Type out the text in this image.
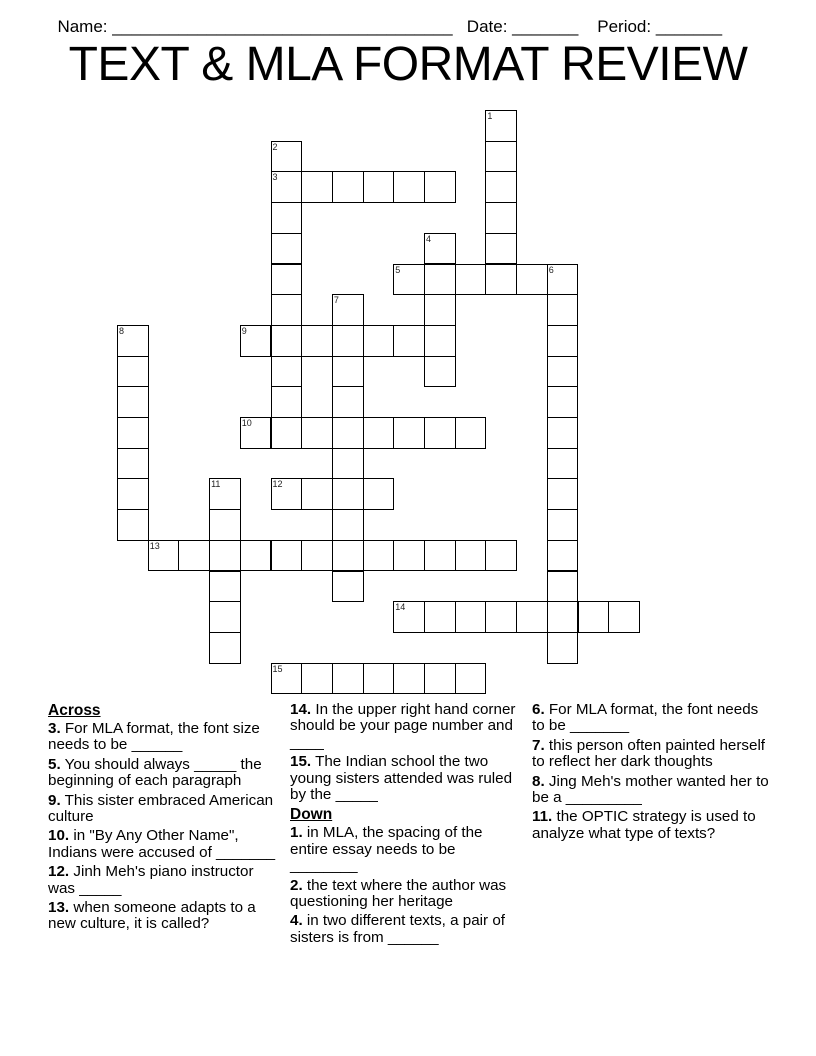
Name: ____________________________________ Date: _______ Period: _______

TEXT & MLA FORMAT REVIEW
1
2
3
4
5	6
7
8	9
10
11	12
13
14
15
Across
3. For MLA format, the font size needs to be ______
5. You should always _____ the beginning of each paragraph
9. This sister embraced American culture
10. in "By Any Other Name", Indians were accused of _______
12. Jinh Meh's piano instructor was _____
13. when someone adapts to a new culture, it is called?
14. In the upper right hand corner should be your page number and ____
15. The Indian school the two young sisters attended was ruled by the _____
Down
1. in MLA, the spacing of the entire essay needs to be ________
2. the text where the author was questioning her heritage
4. in two different texts, a pair of sisters is from ______
6. For MLA format, the font needs to be _______
7. this person often painted herself to reflect her dark thoughts
8. Jing Meh's mother wanted her to be a _________
11. the OPTIC strategy is used to analyze what type of texts?
